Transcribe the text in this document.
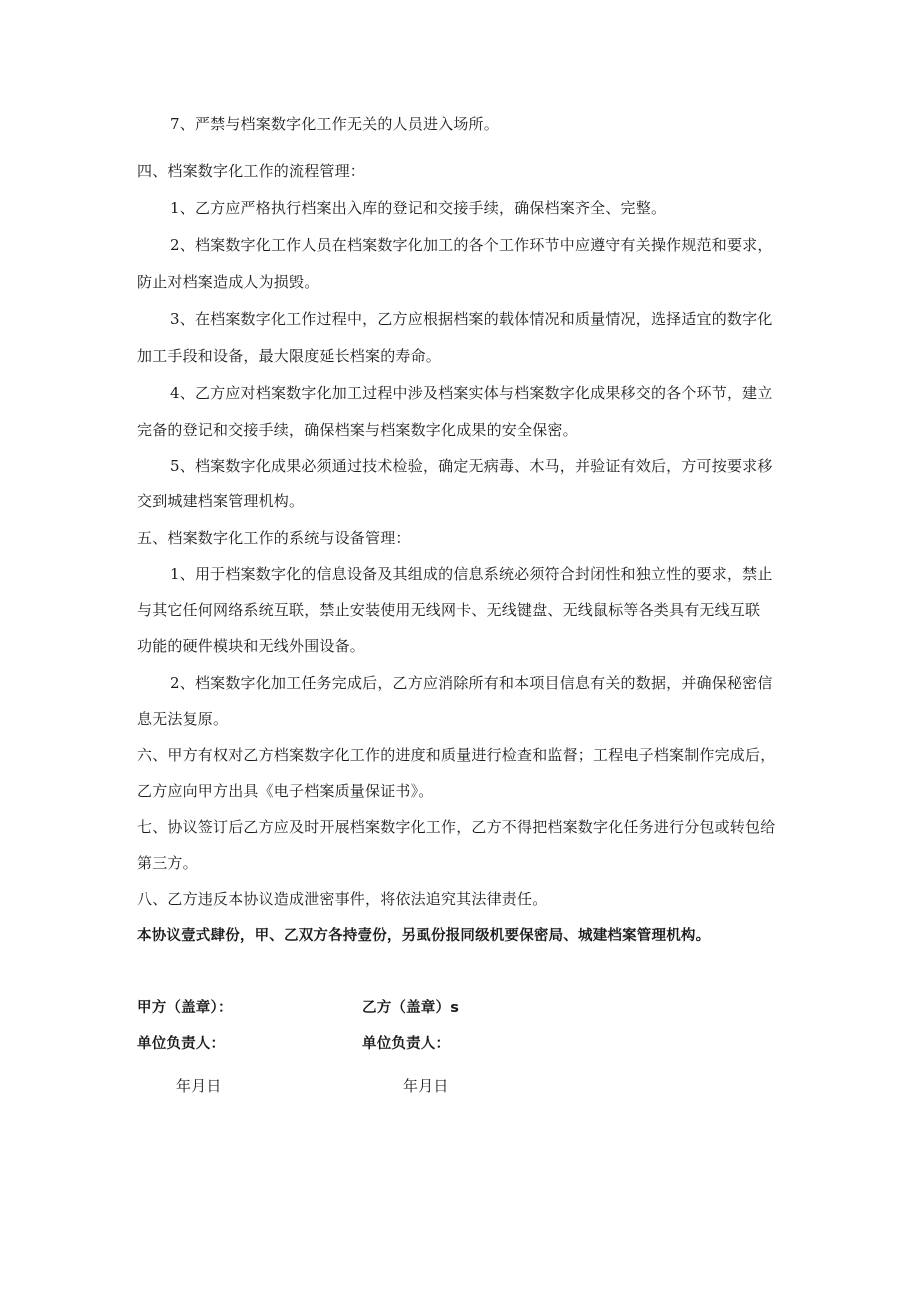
7、严禁与档案数字化工作无关的人员进入场所。
四、档案数字化工作的流程管理：
1、乙方应严格执行档案出入库的登记和交接手续，确保档案齐全、完整。
2、档案数字化工作人员在档案数字化加工的各个工作环节中应遵守有关操作规范和要求，
防止对档案造成人为损毁。
3、在档案数字化工作过程中，乙方应根据档案的载体情况和质量情况，选择适宜的数字化
加工手段和设备，最大限度延长档案的寿命。
4、乙方应对档案数字化加工过程中涉及档案实体与档案数字化成果移交的各个环节，建立
完备的登记和交接手续，确保档案与档案数字化成果的安全保密。
5、档案数字化成果必须通过技术检验，确定无病毒、木马，并验证有效后，方可按要求移
交到城建档案管理机构。
五、档案数字化工作的系统与设备管理：
1、用于档案数字化的信息设备及其组成的信息系统必须符合封闭性和独立性的要求，禁止
与其它任何网络系统互联，禁止安装使用无线网卡、无线键盘、无线鼠标等各类具有无线互联
功能的硬件模块和无线外围设备。
2、档案数字化加工任务完成后，乙方应消除所有和本项目信息有关的数据，并确保秘密信
息无法复原。
六、甲方有权对乙方档案数字化工作的进度和质量进行检查和监督；工程电子档案制作完成后，
乙方应向甲方出具《电子档案质量保证书》。
七、协议签订后乙方应及时开展档案数字化工作，乙方不得把档案数字化任务进行分包或转包给
第三方。
八、乙方违反本协议造成泄密事件，将依法追究其法律责任。
本协议壹式肆份，甲、乙双方各持壹份，另虱份报同级机要保密局、城建档案管理机构。
甲方（盖章）：	乙方（盖章）s
单位负责人：	单位负责人：
年月日	年月日
